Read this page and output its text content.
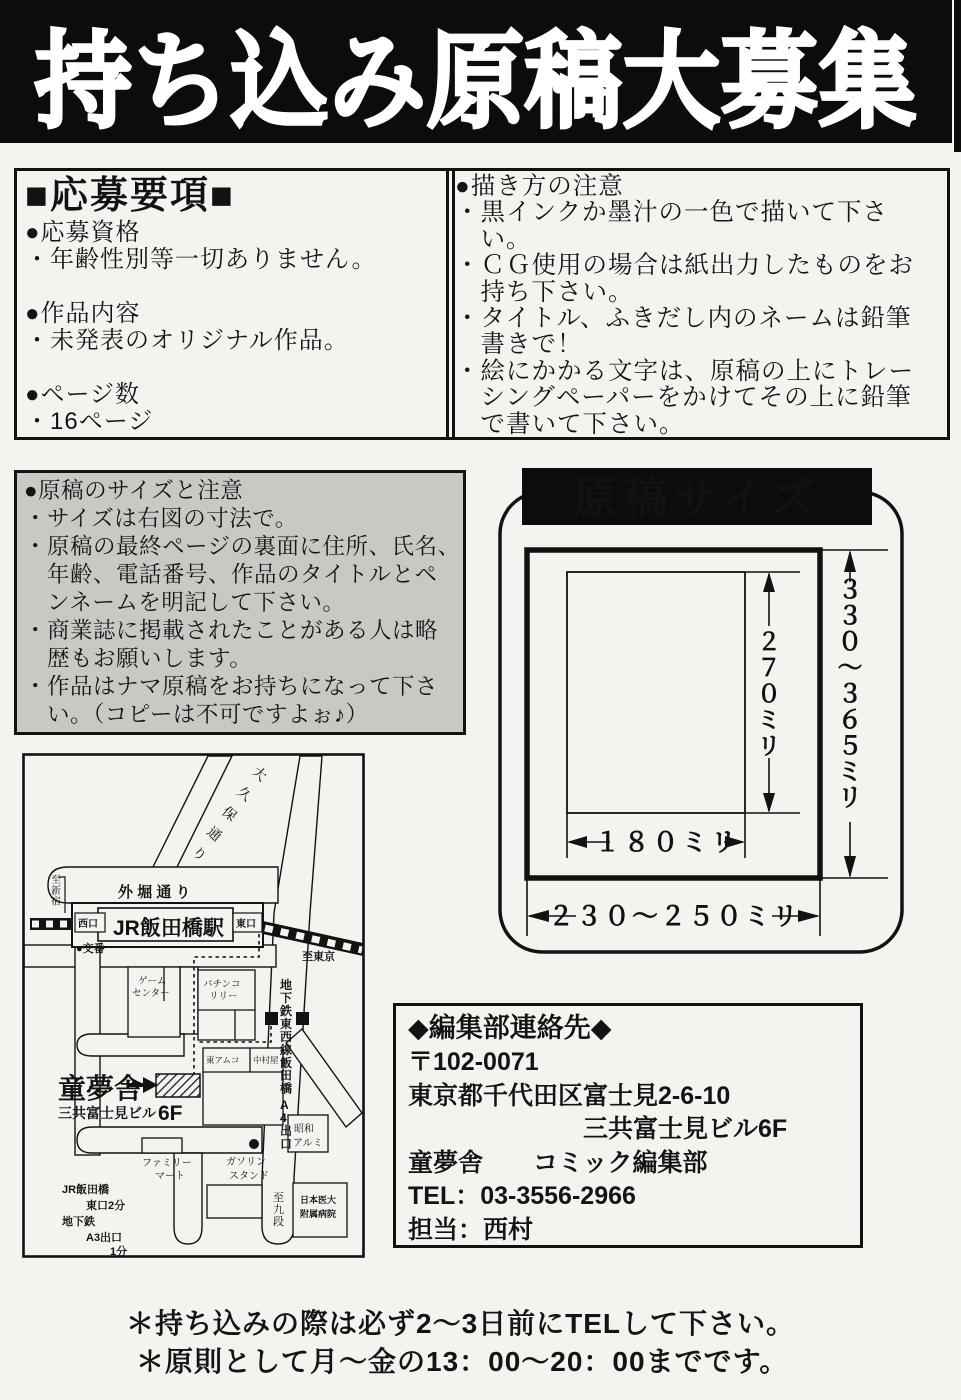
持ち込み原稿大募集
■応募要項■
●応募資格
・年齢性別等一切ありません。

●作品内容
・未発表のオリジナル作品。

●ページ数
・16ページ
●描き方の注意
・黒インクか墨汁の一色で描いて下さ
　い。
・ＣＧ使用の場合は紙出力したものをお
　持ち下さい。
・タイトル、ふきだし内のネームは鉛筆
　書きで！
・絵にかかる文字は、原稿の上にトレー
　シングペーパーをかけてその上に鉛筆
　で書いて下さい。
●原稿のサイズと注意
・サイズは右図の寸法で。
・原稿の最終ページの裏面に住所、氏名、
　年齢、電話番号、作品のタイトルとペ
　ンネームを明記して下さい。
・商業誌に掲載されたことがある人は略
　歴もお願いします。
・作品はナマ原稿をお持ちになって下さ
　い。（コピーは不可ですよぉ♪）
原稿サイズ
２７０ミリ
３３０～３６５ミリ
１８０ミリ
２３０～２５０ミリ
大
久
保
通
り
外 堀 通 り
至新宿
西口 JR飯田橋駅 東口
●交番
至東京
ゲーム
センター
パチンコ
リリー
地下鉄東西線飯田橋
A 4 出口
東アムコ 中村屋
童夢舎
三共富士見ビル 6F
ファミリー
マート
ガソリン
スタンド
昭和
アルミ
日本医大
附属病院
至九段
JR飯田橋
東口2分
地下鉄
A3出口
1分
◆編集部連絡先◆
〒102-0071
東京都千代田区富士見2-6-10
　　　　　　　三共富士見ビル6F
童夢舎　　コミック編集部
TEL：03-3556-2966
担当：西村
＊持ち込みの際は必ず2～3日前にTELして下さい。
＊原則として月～金の13：00～20：00までです。
